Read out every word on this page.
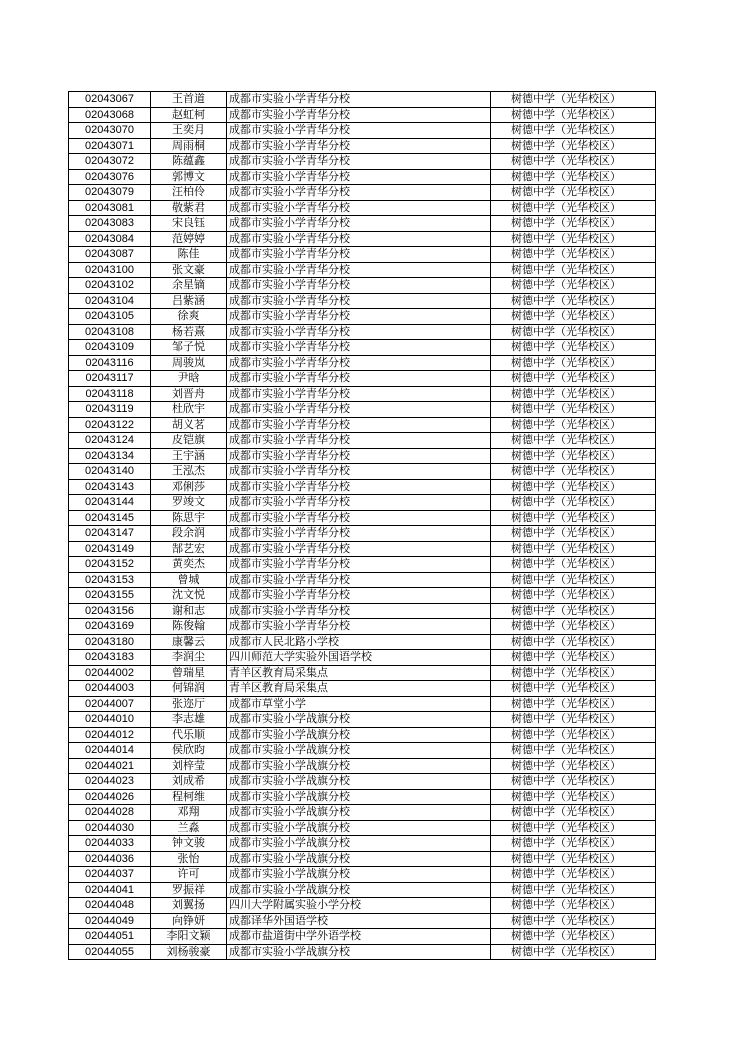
02043067	王首道	成都市实验小学青华分校	树德中学（光华校区）
02043068	赵虹柯	成都市实验小学青华分校	树德中学（光华校区）
02043070	王奕月	成都市实验小学青华分校	树德中学（光华校区）
02043071	周雨桐	成都市实验小学青华分校	树德中学（光华校区）
02043072	陈蕴鑫	成都市实验小学青华分校	树德中学（光华校区）
02043076	郭博文	成都市实验小学青华分校	树德中学（光华校区）
02043079	汪柏伶	成都市实验小学青华分校	树德中学（光华校区）
02043081	敬紫君	成都市实验小学青华分校	树德中学（光华校区）
02043083	宋良钰	成都市实验小学青华分校	树德中学（光华校区）
02043084	范婷婷	成都市实验小学青华分校	树德中学（光华校区）
02043087	陈佳	成都市实验小学青华分校	树德中学（光华校区）
02043100	张文豪	成都市实验小学青华分校	树德中学（光华校区）
02043102	余星镝	成都市实验小学青华分校	树德中学（光华校区）
02043104	吕紫涵	成都市实验小学青华分校	树德中学（光华校区）
02043105	徐爽	成都市实验小学青华分校	树德中学（光华校区）
02043108	杨若熹	成都市实验小学青华分校	树德中学（光华校区）
02043109	邹子悦	成都市实验小学青华分校	树德中学（光华校区）
02043116	周骏岚	成都市实验小学青华分校	树德中学（光华校区）
02043117	尹晗	成都市实验小学青华分校	树德中学（光华校区）
02043118	刘晋舟	成都市实验小学青华分校	树德中学（光华校区）
02043119	杜欣宇	成都市实验小学青华分校	树德中学（光华校区）
02043122	胡义茗	成都市实验小学青华分校	树德中学（光华校区）
02043124	皮铠旗	成都市实验小学青华分校	树德中学（光华校区）
02043134	王宇涵	成都市实验小学青华分校	树德中学（光华校区）
02043140	王泓杰	成都市实验小学青华分校	树德中学（光华校区）
02043143	邓俐莎	成都市实验小学青华分校	树德中学（光华校区）
02043144	罗竣文	成都市实验小学青华分校	树德中学（光华校区）
02043145	陈思宇	成都市实验小学青华分校	树德中学（光华校区）
02043147	段余润	成都市实验小学青华分校	树德中学（光华校区）
02043149	郜艺宏	成都市实验小学青华分校	树德中学（光华校区）
02043152	黄奕杰	成都市实验小学青华分校	树德中学（光华校区）
02043153	曾城	成都市实验小学青华分校	树德中学（光华校区）
02043155	沈文悦	成都市实验小学青华分校	树德中学（光华校区）
02043156	谢和志	成都市实验小学青华分校	树德中学（光华校区）
02043169	陈俊翰	成都市实验小学青华分校	树德中学（光华校区）
02043180	康馨云	成都市人民北路小学校	树德中学（光华校区）
02043183	李润尘	四川师范大学实验外国语学校	树德中学（光华校区）
02044002	曾瑞星	青羊区教育局采集点	树德中学（光华校区）
02044003	何锦润	青羊区教育局采集点	树德中学（光华校区）
02044007	张迩厅	成都市草堂小学	树德中学（光华校区）
02044010	李志雄	成都市实验小学战旗分校	树德中学（光华校区）
02044012	代乐顺	成都市实验小学战旗分校	树德中学（光华校区）
02044014	侯欣昀	成都市实验小学战旗分校	树德中学（光华校区）
02044021	刘梓莹	成都市实验小学战旗分校	树德中学（光华校区）
02044023	刘成希	成都市实验小学战旗分校	树德中学（光华校区）
02044026	程柯维	成都市实验小学战旗分校	树德中学（光华校区）
02044028	邓翔	成都市实验小学战旗分校	树德中学（光华校区）
02044030	兰淼	成都市实验小学战旗分校	树德中学（光华校区）
02044033	钟文骏	成都市实验小学战旗分校	树德中学（光华校区）
02044036	张怡	成都市实验小学战旗分校	树德中学（光华校区）
02044037	许可	成都市实验小学战旗分校	树德中学（光华校区）
02044041	罗振祥	成都市实验小学战旗分校	树德中学（光华校区）
02044048	刘翼扬	四川大学附属实验小学分校	树德中学（光华校区）
02044049	向铮妍	成都译华外国语学校	树德中学（光华校区）
02044051	李阳文颖	成都市盐道街中学外语学校	树德中学（光华校区）
02044055	刘杨骏豪	成都市实验小学战旗分校	树德中学（光华校区）
